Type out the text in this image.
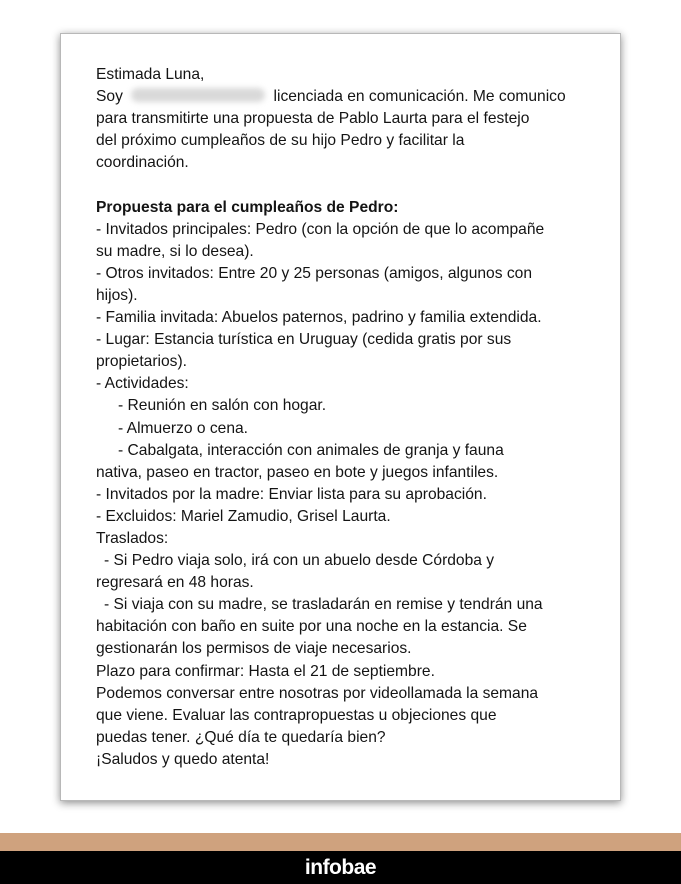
Estimada Luna,
Soy	licenciada en comunicación. Me comunico
para transmitirte una propuesta de Pablo Laurta para el festejo
del próximo cumpleaños de su hijo Pedro y facilitar la
coordinación.
Propuesta para el cumpleaños de Pedro:
- Invitados principales: Pedro (con la opción de que lo acompañe
su madre, si lo desea).
- Otros invitados: Entre 20 y 25 personas (amigos, algunos con
hijos).
- Familia invitada: Abuelos paternos, padrino y familia extendida.
- Lugar: Estancia turística en Uruguay (cedida gratis por sus
propietarios).
- Actividades:
- Reunión en salón con hogar.
- Almuerzo o cena.
- Cabalgata, interacción con animales de granja y fauna
nativa, paseo en tractor, paseo en bote y juegos infantiles.
- Invitados por la madre: Enviar lista para su aprobación.
- Excluidos: Mariel Zamudio, Grisel Laurta.
Traslados:
- Si Pedro viaja solo, irá con un abuelo desde Córdoba y
regresará en 48 horas.
- Si viaja con su madre, se trasladarán en remise y tendrán una
habitación con baño en suite por una noche en la estancia. Se
gestionarán los permisos de viaje necesarios.
Plazo para confirmar: Hasta el 21 de septiembre.
Podemos conversar entre nosotras por videollamada la semana
que viene. Evaluar las contrapropuestas u objeciones que
puedas tener. ¿Qué día te quedaría bien?
¡Saludos y quedo atenta!
infobae
